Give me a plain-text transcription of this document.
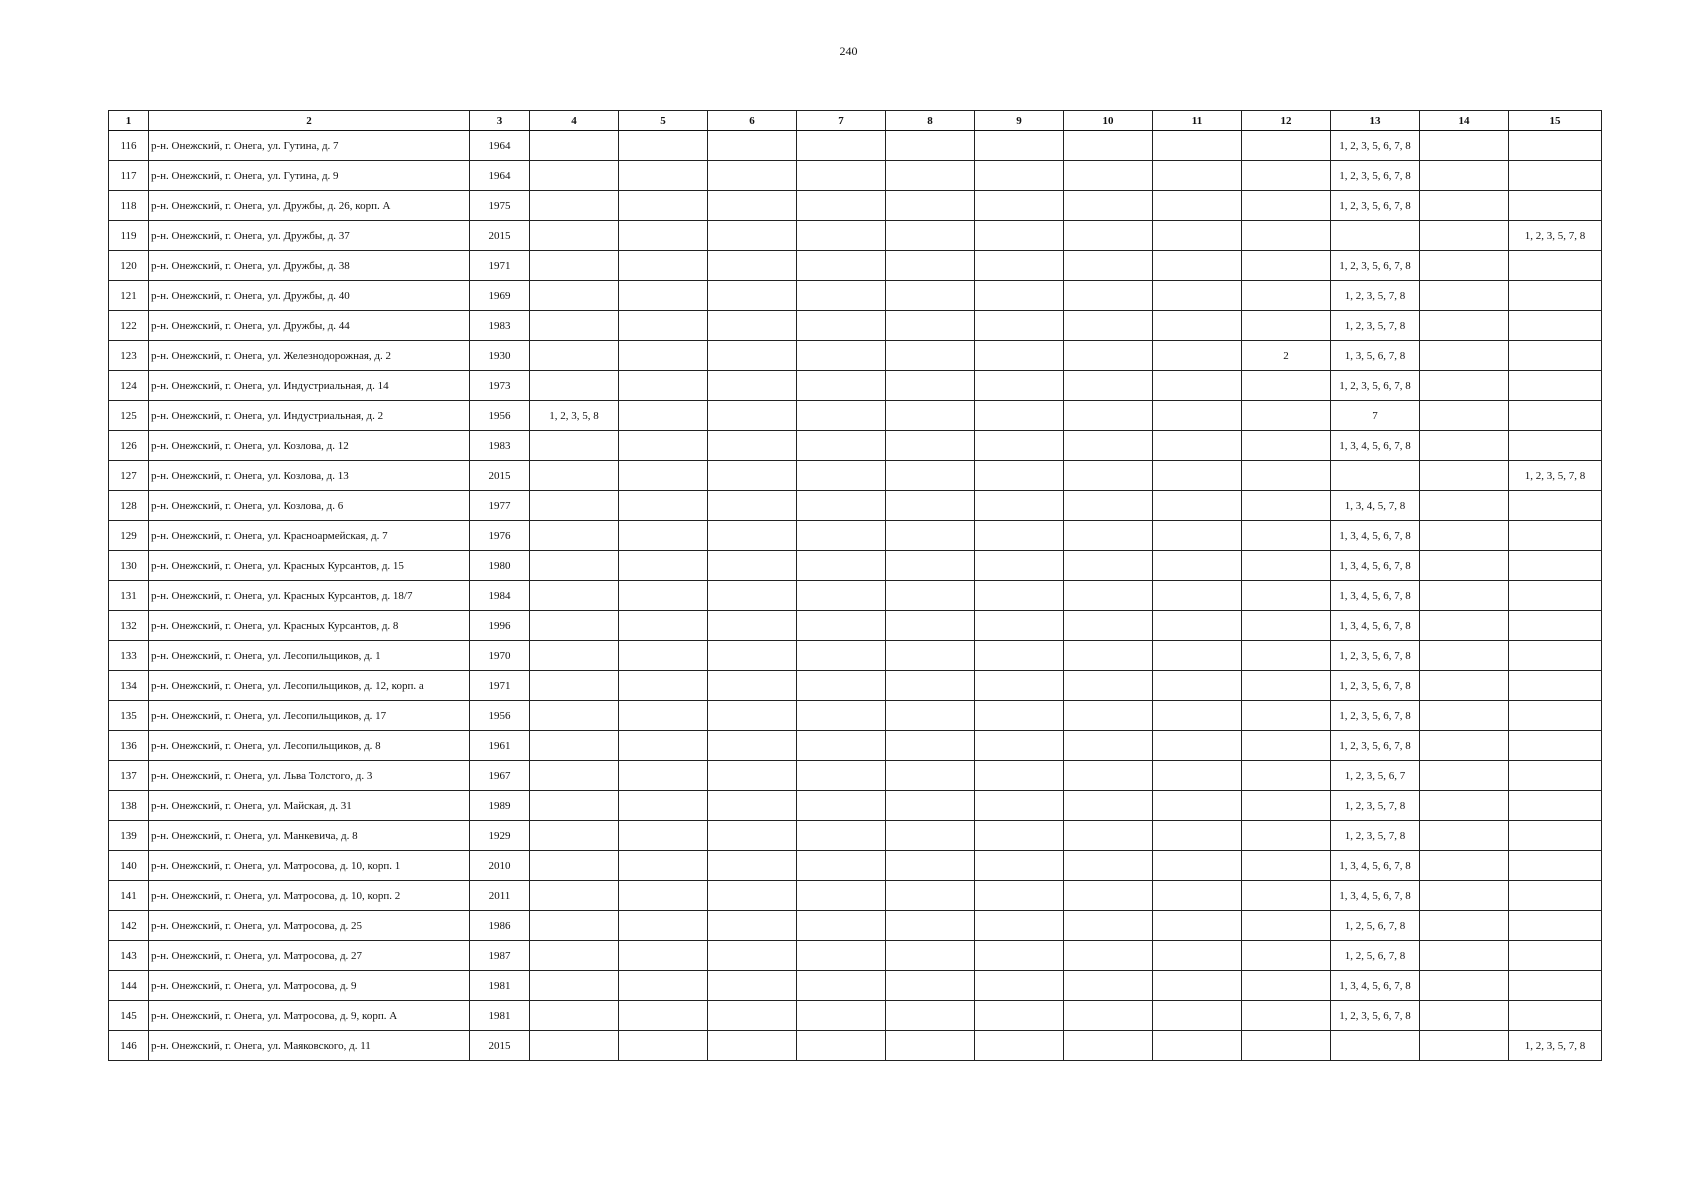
240
1	2	3	4	5	6	7	8	9	10	11	12	13	14	15
116	р-н. Онежский, г. Онега, ул. Гутина, д. 7	1964										1, 2, 3, 5, 6, 7, 8		
117	р-н. Онежский, г. Онега, ул. Гутина, д. 9	1964										1, 2, 3, 5, 6, 7, 8		
118	р-н. Онежский, г. Онега, ул. Дружбы, д. 26, корп. А	1975										1, 2, 3, 5, 6, 7, 8		
119	р-н. Онежский, г. Онега, ул. Дружбы, д. 37	2015												1, 2, 3, 5, 7, 8
120	р-н. Онежский, г. Онега, ул. Дружбы, д. 38	1971										1, 2, 3, 5, 6, 7, 8		
121	р-н. Онежский, г. Онега, ул. Дружбы, д. 40	1969										1, 2, 3, 5, 7, 8		
122	р-н. Онежский, г. Онега, ул. Дружбы, д. 44	1983										1, 2, 3, 5, 7, 8		
123	р-н. Онежский, г. Онега, ул. Железнодорожная, д. 2	1930									2	1, 3, 5, 6, 7, 8		
124	р-н. Онежский, г. Онега, ул. Индустриальная, д. 14	1973										1, 2, 3, 5, 6, 7, 8		
125	р-н. Онежский, г. Онега, ул. Индустриальная, д. 2	1956	1, 2, 3, 5, 8									7		
126	р-н. Онежский, г. Онега, ул. Козлова, д. 12	1983										1, 3, 4, 5, 6, 7, 8		
127	р-н. Онежский, г. Онега, ул. Козлова, д. 13	2015												1, 2, 3, 5, 7, 8
128	р-н. Онежский, г. Онега, ул. Козлова, д. 6	1977										1, 3, 4, 5, 7, 8		
129	р-н. Онежский, г. Онега, ул. Красноармейская, д. 7	1976										1, 3, 4, 5, 6, 7, 8		
130	р-н. Онежский, г. Онега, ул. Красных Курсантов, д. 15	1980										1, 3, 4, 5, 6, 7, 8		
131	р-н. Онежский, г. Онега, ул. Красных Курсантов, д. 18/7	1984										1, 3, 4, 5, 6, 7, 8		
132	р-н. Онежский, г. Онега, ул. Красных Курсантов, д. 8	1996										1, 3, 4, 5, 6, 7, 8		
133	р-н. Онежский, г. Онега, ул. Лесопильщиков, д. 1	1970										1, 2, 3, 5, 6, 7, 8		
134	р-н. Онежский, г. Онега, ул. Лесопильщиков, д. 12, корп. а	1971										1, 2, 3, 5, 6, 7, 8		
135	р-н. Онежский, г. Онега, ул. Лесопильщиков, д. 17	1956										1, 2, 3, 5, 6, 7, 8		
136	р-н. Онежский, г. Онега, ул. Лесопильщиков, д. 8	1961										1, 2, 3, 5, 6, 7, 8		
137	р-н. Онежский, г. Онега, ул. Льва Толстого, д. 3	1967										1, 2, 3, 5, 6, 7		
138	р-н. Онежский, г. Онега, ул. Майская, д. 31	1989										1, 2, 3, 5, 7, 8		
139	р-н. Онежский, г. Онега, ул. Манкевича, д. 8	1929										1, 2, 3, 5, 7, 8		
140	р-н. Онежский, г. Онега, ул. Матросова, д. 10, корп. 1	2010										1, 3, 4, 5, 6, 7, 8		
141	р-н. Онежский, г. Онега, ул. Матросова, д. 10, корп. 2	2011										1, 3, 4, 5, 6, 7, 8		
142	р-н. Онежский, г. Онега, ул. Матросова, д. 25	1986										1, 2, 5, 6, 7, 8		
143	р-н. Онежский, г. Онега, ул. Матросова, д. 27	1987										1, 2, 5, 6, 7, 8		
144	р-н. Онежский, г. Онега, ул. Матросова, д. 9	1981										1, 3, 4, 5, 6, 7, 8		
145	р-н. Онежский, г. Онега, ул. Матросова, д. 9, корп. А	1981										1, 2, 3, 5, 6, 7, 8		
146	р-н. Онежский, г. Онега, ул. Маяковского, д. 11	2015												1, 2, 3, 5, 7, 8
